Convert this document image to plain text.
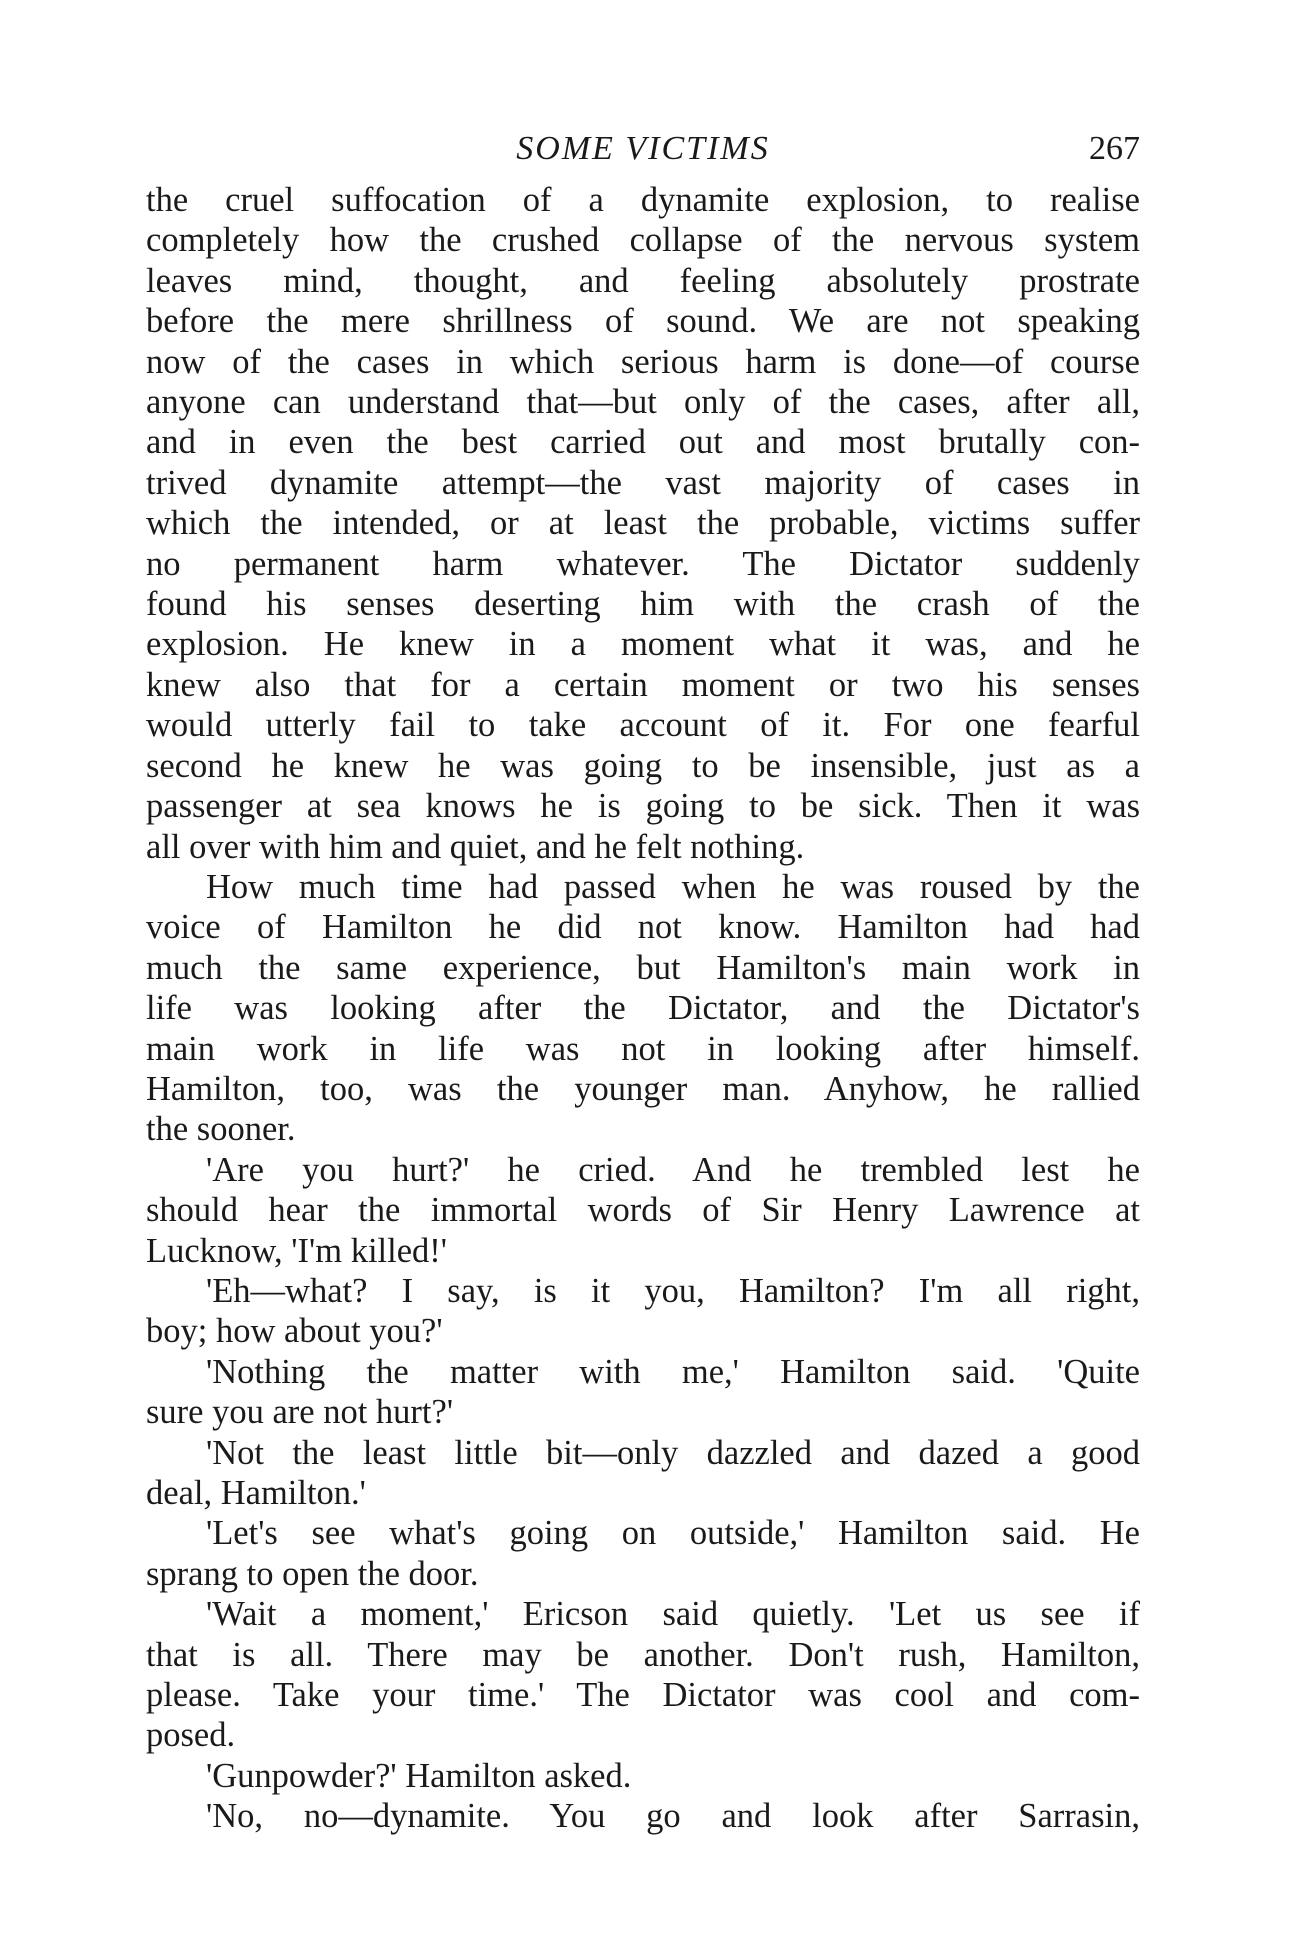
SOME VICTIMS	267
the cruel suffocation of a dynamite explosion, to realise
completely how the crushed collapse of the nervous system
leaves mind, thought, and feeling absolutely prostrate
before the mere shrillness of sound. We are not speaking
now of the cases in which serious harm is done—of course
anyone can understand that—but only of the cases, after all,
and in even the best carried out and most brutally con-
trived dynamite attempt—the vast majority of cases in
which the intended, or at least the probable, victims suffer
no permanent harm whatever. The Dictator suddenly
found his senses deserting him with the crash of the
explosion. He knew in a moment what it was, and he
knew also that for a certain moment or two his senses
would utterly fail to take account of it. For one fearful
second he knew he was going to be insensible, just as a
passenger at sea knows he is going to be sick. Then it was
all over with him and quiet, and he felt nothing.
How much time had passed when he was roused by the
voice of Hamilton he did not know. Hamilton had had
much the same experience, but Hamilton's main work in
life was looking after the Dictator, and the Dictator's
main work in life was not in looking after himself.
Hamilton, too, was the younger man. Anyhow, he rallied
the sooner.
'Are you hurt?' he cried. And he trembled lest he
should hear the immortal words of Sir Henry Lawrence at
Lucknow, 'I'm killed!'
'Eh—what? I say, is it you, Hamilton? I'm all right,
boy; how about you?'
'Nothing the matter with me,' Hamilton said. 'Quite
sure you are not hurt?'
'Not the least little bit—only dazzled and dazed a good
deal, Hamilton.'
'Let's see what's going on outside,' Hamilton said. He
sprang to open the door.
'Wait a moment,' Ericson said quietly. 'Let us see if
that is all. There may be another. Don't rush, Hamilton,
please. Take your time.' The Dictator was cool and com-
posed.
'Gunpowder?' Hamilton asked.
'No, no—dynamite. You go and look after Sarrasin,
